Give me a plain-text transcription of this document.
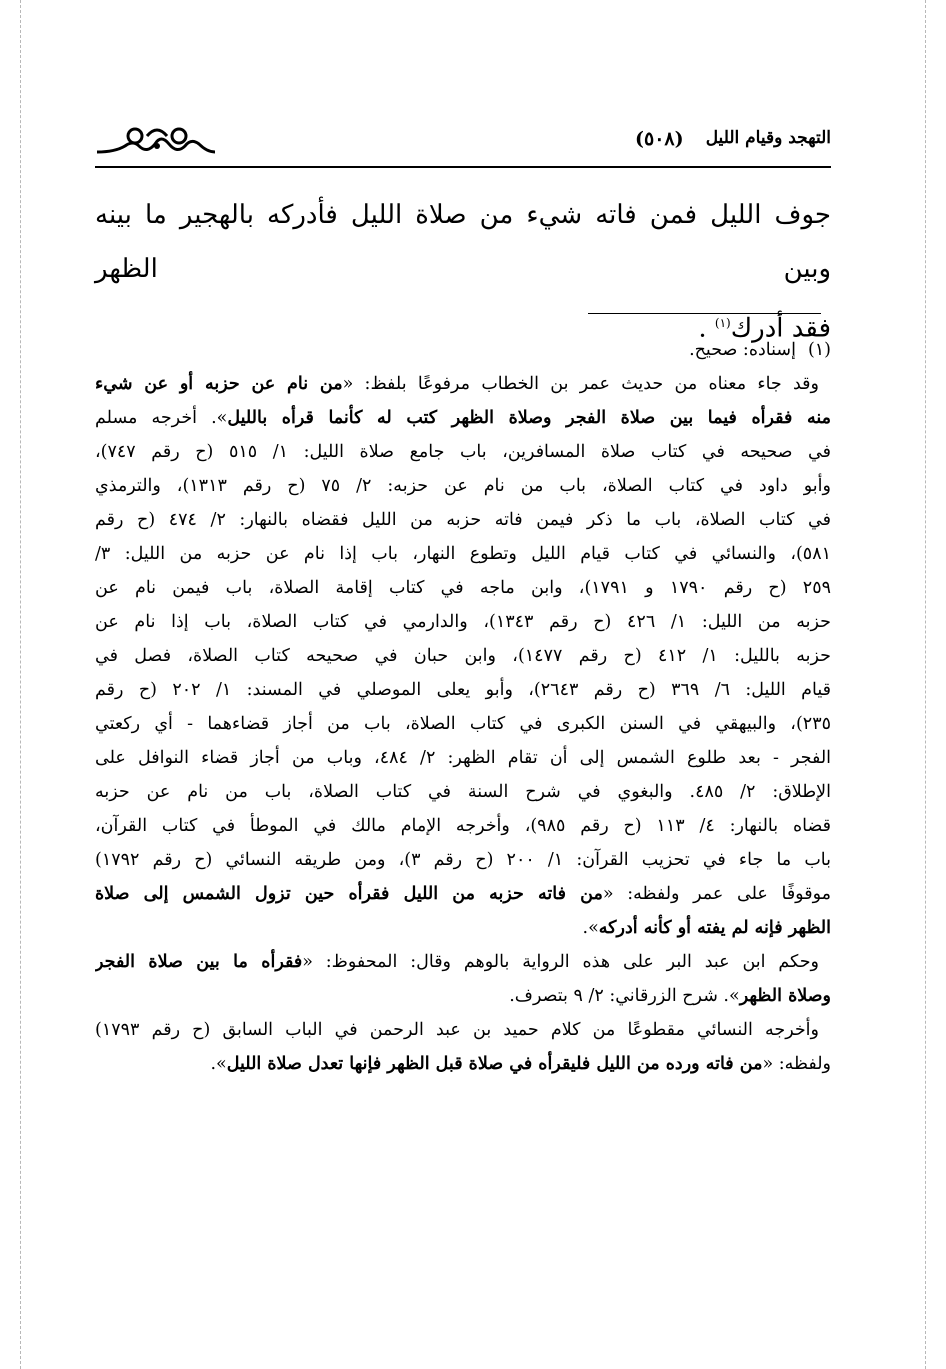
(٥٠٨) التهجد وقيام الليل
جوف الليل فمن فاته شيء من صلاة الليل فأدركه بالهجير ما بينه وبين الظهر
فقد أدرك$^{(١)}$ .
(١)إسناده: صحيح.
وقد جاء معناه من حديث عمر بن الخطاب مرفوعًا بلفظ: «من نام عن حزبه أو عن شيء
منه فقرأه فيما بين صلاة الفجر وصلاة الظهر كتب له كأنما قرأه بالليل». أخرجه مسلم
في صحيحه في كتاب صلاة المسافرين، باب جامع صلاة الليل: ١/ ٥١٥ (ح رقم ٧٤٧)،
وأبو داود في كتاب الصلاة، باب من نام عن حزبه: ٢/ ٧٥ (ح رقم ١٣١٣)، والترمذي
في كتاب الصلاة، باب ما ذكر فيمن فاته حزبه من الليل فقضاه بالنهار: ٢/ ٤٧٤ (ح رقم
٥٨١)، والنسائي في كتاب قيام الليل وتطوع النهار، باب إذا نام عن حزبه من الليل: ٣/
٢٥٩ (ح رقم ١٧٩٠ و ١٧٩١)، وابن ماجه في كتاب إقامة الصلاة، باب فيمن نام عن
حزبه من الليل: ١/ ٤٢٦ (ح رقم ١٣٤٣)، والدارمي في كتاب الصلاة، باب إذا نام عن
حزبه بالليل: ١/ ٤١٢ (ح رقم ١٤٧٧)، وابن حبان في صحيحه كتاب الصلاة، فصل في
قيام الليل: ٦/ ٣٦٩ (ح رقم ٢٦٤٣)، وأبو يعلى الموصلي في المسند: ١/ ٢٠٢ (ح رقم
٢٣٥)، والبيهقي في السنن الكبرى في كتاب الصلاة، باب من أجاز قضاءهما - أي ركعتي
الفجر - بعد طلوع الشمس إلى أن تقام الظهر: ٢/ ٤٨٤، وباب من أجاز قضاء النوافل على
الإطلاق: ٢/ ٤٨٥. والبغوي في شرح السنة في كتاب الصلاة، باب من نام عن حزبه
قضاه بالنهار: ٤/ ١١٣ (ح رقم ٩٨٥)، وأخرجه الإمام مالك في الموطأ في كتاب القرآن،
باب ما جاء في تحزيب القرآن: ١/ ٢٠٠ (ح رقم ٣)، ومن طريقه النسائي (ح رقم ١٧٩٢)
موقوفًا على عمر ولفظه: «من فاته حزبه من الليل فقرأه حين تزول الشمس إلى صلاة
الظهر فإنه لم يفته أو كأنه أدركه».
وحكم ابن عبد البر على هذه الرواية بالوهم وقال: المحفوظ: «فقرأه ما بين صلاة الفجر
وصلاة الظهر». شرح الزرقاني: ٢/ ٩ بتصرف.
وأخرجه النسائي مقطوعًا من كلام حميد بن عبد الرحمن في الباب السابق (ح رقم ١٧٩٣)
ولفظه: «من فاته ورده من الليل فليقرأه في صلاة قبل الظهر فإنها تعدل صلاة الليل».
